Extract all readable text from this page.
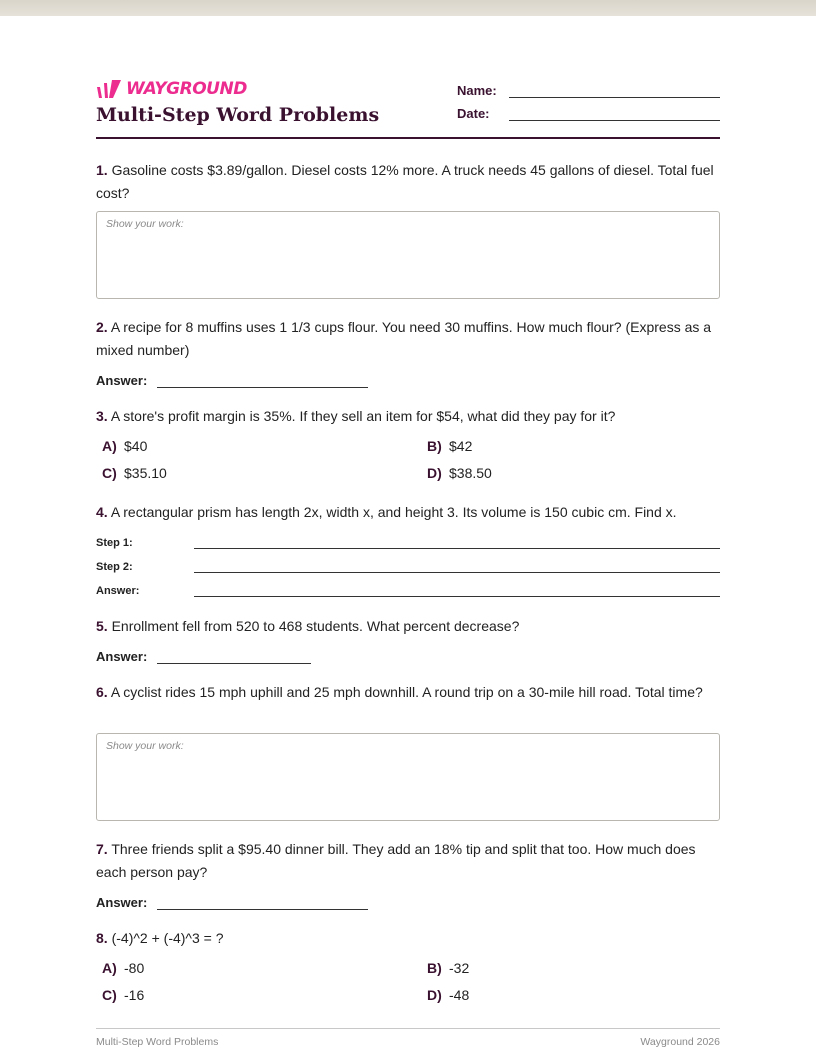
WAYGROUND
Multi-Step Word Problems
Name:
Date:
1. Gasoline costs $3.89/gallon. Diesel costs 12% more. A truck needs 45 gallons of diesel. Total fuel cost?
Show your work:
2. A recipe for 8 muffins uses 1 1/3 cups flour. You need 30 muffins. How much flour? (Express as a mixed number)
Answer:
3. A store's profit margin is 35%. If they sell an item for $54, what did they pay for it?
A) $40	B) $42
C) $35.10	D) $38.50
4. A rectangular prism has length 2x, width x, and height 3. Its volume is 150 cubic cm. Find x.
Step 1:
Step 2:
Answer:
5. Enrollment fell from 520 to 468 students. What percent decrease?
Answer:
6. A cyclist rides 15 mph uphill and 25 mph downhill. A round trip on a 30-mile hill road. Total time?
Show your work:
7. Three friends split a $95.40 dinner bill. They add an 18% tip and split that too. How much does each person pay?
Answer:
8. (-4)^2 + (-4)^3 = ?
A) -80	B) -32
C) -16	D) -48
Multi-Step Word Problems	Wayground 2026
